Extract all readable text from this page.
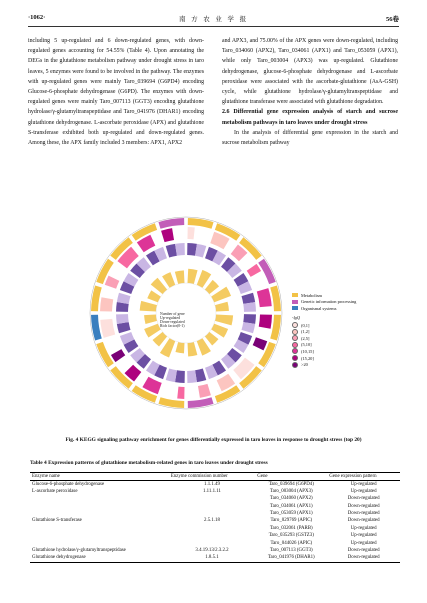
·1062·	南 方 农 业 学 报	56卷

including 5 up-regulated and 6 down-regulated genes, with down-regulated genes accounting for 54.55% (Table 4). Upon annotating the DEGs in the glutathione metabolism pathway under drought stress in taro leaves, 5 enzymes were found to be involved in the pathway. The enzymes with up-regulated genes were mainly Taro_039694 (G6PD4) encoding Glucose-6-phosphate dehydrogenase (G6PD). The enzymes with down-regulated genes were mainly Taro_007113 (GGT3) encoding glutathione hydrolase/γ-glutamyltranspeptidase and Taro_041976 (DHAR1) encoding glutathione dehydrogenase. L-ascorbate peroxidase (APX) and glutathione S-transferase exhibited both up-regulated and down-regulated genes. Among these, the APX family included 3 members: APX1, APX2

and APX3, and 75.00% of the APX genes were down-regulated, including Taro_034060 (APX2), Taro_034061 (APX1) and Taro_053059 (APX1), while only Taro_003004 (APX3) was up-regulated. Glutathione dehydrogenase, glucose-6-phosphate dehydrogenase and L-ascorbate peroxidase were associated with the ascorbate-glutathione (AsA-GSH) cycle, while glutathione hydrolase/γ-glutamyltranspeptidase and glutathione transferase were associated with glutathione degradation.

2.6 Differential gene expression analysis of starch and sucrose metabolism pathways in taro leaves under drought stress

In the analysis of differential gene expression in the starch and sucrose metabolism pathway

Metabolism
Genetic information processing
Organismal systems
-lgQ
(0,1]
(1,2]
(2,5]
(5,10]
(10,15]
(15,20]
>20
Number of gene
Up-regulated
Down-regulated
Rich factor(0-1)
Fig. 4 KEGG signaling pathway enrichment for genes differentially expressed in taro leaves in response to drought stress (top 20)
Table 4 Expression patterns of glutathione metabolism-related genes in taro leaves under drought stress
Enzyme name	Enzyme commission number	Gene	Gene expression pattern
Glucose-6-phosphate dehydrogenase	1.1.1.49	Taro_039694 (G6PD4)	Up-regulated
L-ascorbate peroxidase	1.11.1.11	Taro_003004 (APX3)	Up-regulated
		Taro_034060 (APX2)	Down-regulated
		Taro_034061 (APX1)	Down-regulated
		Taro_053059 (APX1)	Down-regulated
Glutathione S-transferase	2.5.1.18	Taro_029769 (APIC)	Down-regulated
		Taro_032061 (PARB)	Up-regulated
		Taro_035293 (GSTZ3)	Up-regulated
		Taro_044026 (APIC)	Up-regulated
Glutathione hydrolase/γ-glutamyltranspeptidase	3.4.19.13/2.3.2.2	Taro_007113 (GGT3)	Down-regulated
Glutathione dehydrogenase	1.8.5.1	Taro_041976 (DHAR1)	Down-regulated
